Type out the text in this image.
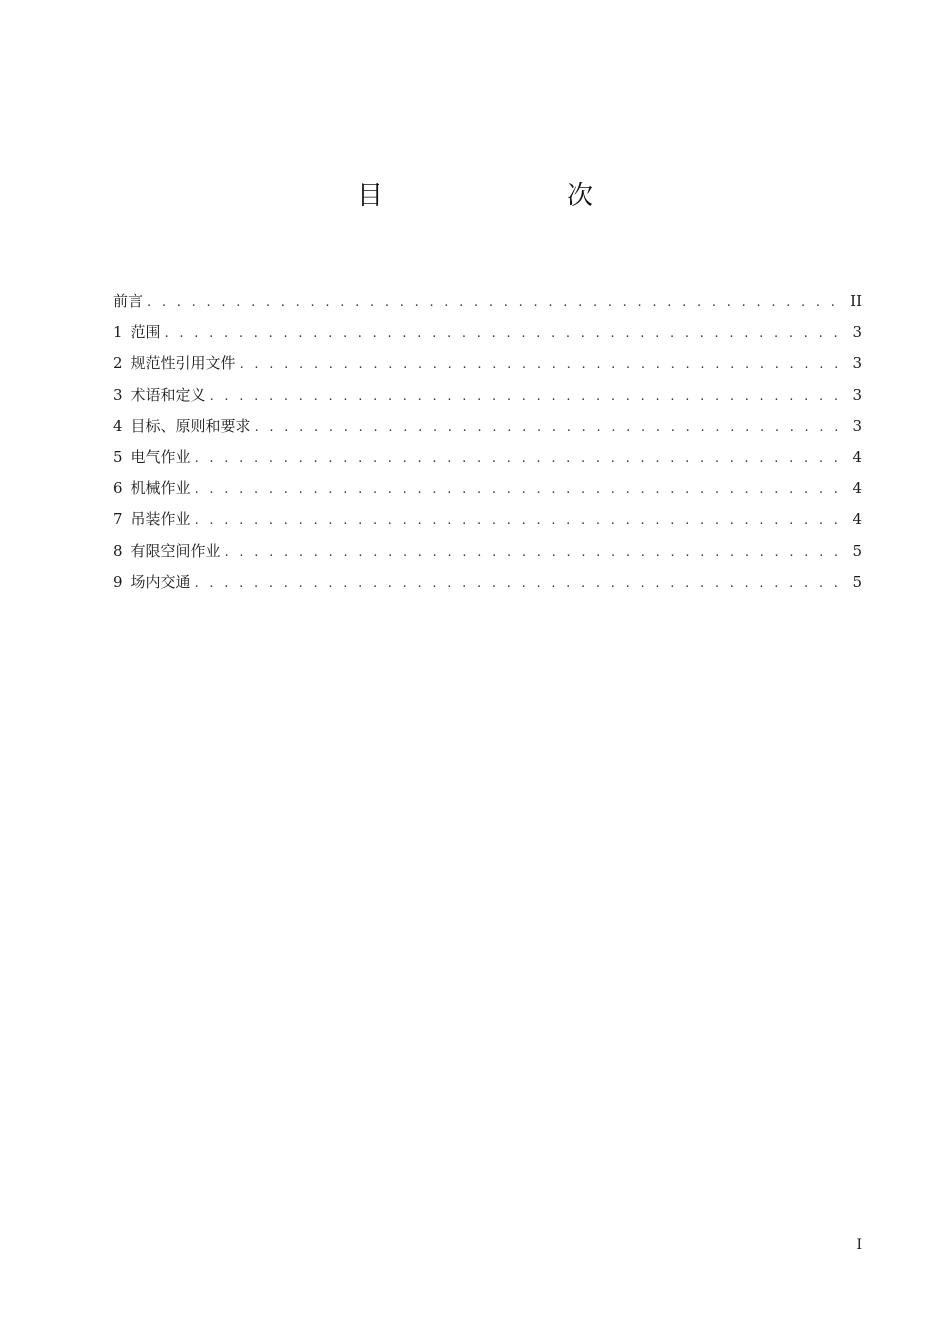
目　　次
前言 . . .	II
1 范围 . . .	3
2 规范性引用文件 . . .	3
3 术语和定义 . . .	3
4 目标、原则和要求 . . .	3
5 电气作业 . . .	4
6 机械作业 . . .	4
7 吊装作业 . . .	4
8 有限空间作业 . . .	5
9 场内交通 . . .	5
I
